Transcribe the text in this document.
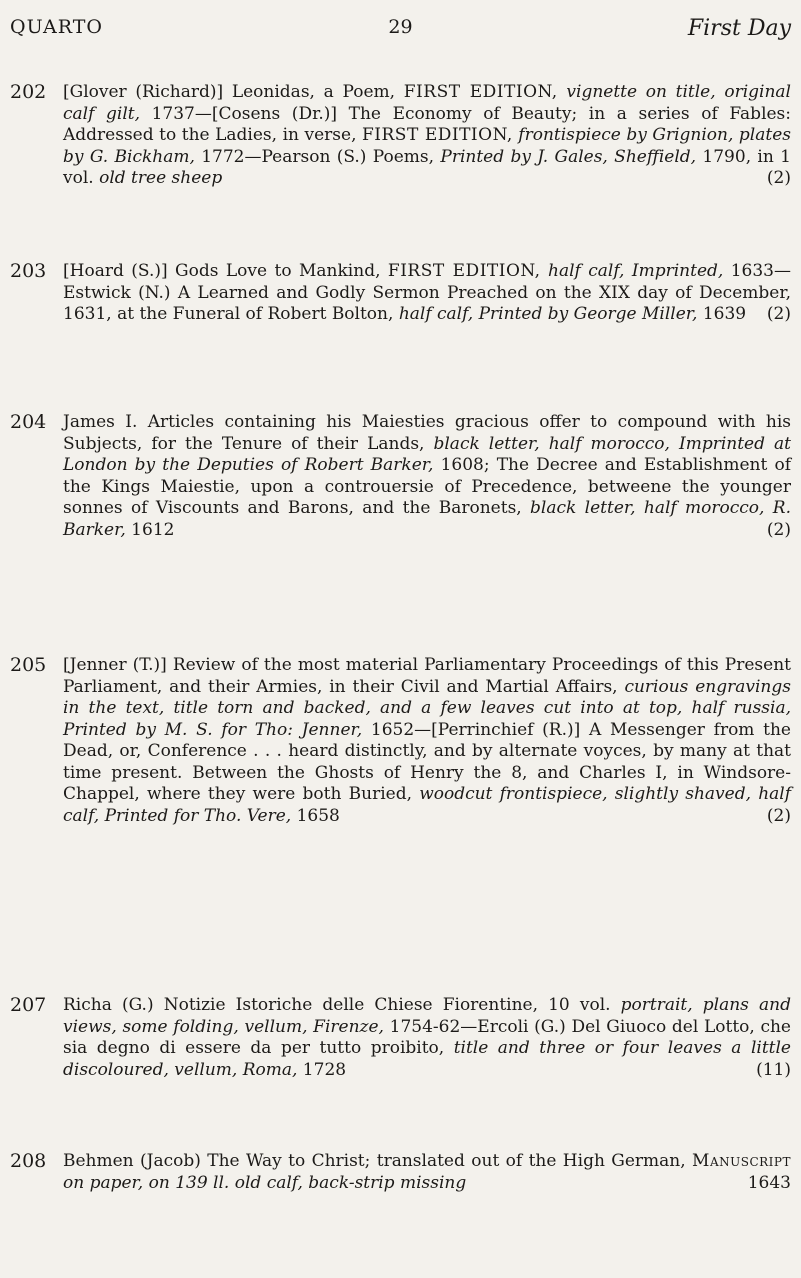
QUARTO	29	First Day
202 [Glover (Richard)] Leonidas, a Poem, FIRST EDITION, vignette on title, original calf gilt, 1737—[Cosens (Dr.)] The Economy of Beauty; in a series of Fables: Addressed to the Ladies, in verse, FIRST EDITION, frontispiece by Grignion, plates by G. Bickham, 1772—Pearson (S.) Poems, Printed by J. Gales, Sheffield, 1790, in 1 vol. old tree sheep	(2)
203 [Hoard (S.)] Gods Love to Mankind, FIRST EDITION, half calf, Imprinted, 1633—Estwick (N.) A Learned and Godly Sermon Preached on the XIX day of December, 1631, at the Funeral of Robert Bolton, half calf, Printed by George Miller, 1639 (2)
204 James I. Articles containing his Maiesties gracious offer to compound with his Subjects, for the Tenure of their Lands, black letter, half morocco, Imprinted at London by the Deputies of Robert Barker, 1608; The Decree and Establishment of the Kings Maiestie, upon a controuersie of Precedence, betweene the younger sonnes of Viscounts and Barons, and the Baronets, black letter, half morocco, R. Barker, 1612	(2)
205 [Jenner (T.)] Review of the most material Parliamentary Proceedings of this Present Parliament, and their Armies, in their Civil and Martial Affairs, curious engravings in the text, title torn and backed, and a few leaves cut into at top, half russia, Printed by M. S. for Tho: Jenner, 1652—[Perrinchief (R.)] A Messenger from the Dead, or, Conference . . . heard distinctly, and by alternate voyces, by many at that time present. Between the Ghosts of Henry the 8, and Charles I, in Windsore-Chappel, where they were both Buried, woodcut frontispiece, slightly shaved, half calf, Printed for Tho. Vere, 1658	(2)
207 Richa (G.) Notizie Istoriche delle Chiese Fiorentine, 10 vol. portrait, plans and views, some folding, vellum, Firenze, 1754-62—Ercoli (G.) Del Giuoco del Lotto, che sia degno di essere da per tutto proibito, title and three or four leaves a little discoloured, vellum, Roma, 1728	(11)
208 Behmen (Jacob) The Way to Christ; translated out of the High German, Manuscript on paper, on 139 ll. old calf, back-strip missing	1643
